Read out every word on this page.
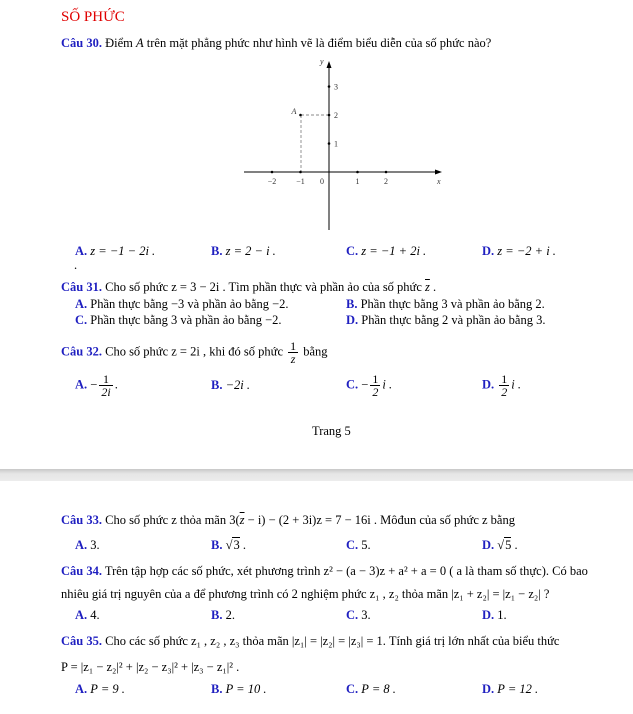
SỐ PHỨC
Câu 30. Điểm A trên mặt phẳng phức như hình vẽ là điểm biểu diễn của số phức nào?
−2 −1 0	1	2
1
2
3
x
y
A
A. z = −1 − 2i .	B. z = 2 − i .	C. z = −1 + 2i .	D. z = −2 + i .
.
Câu 31. Cho số phức z = 3 − 2i . Tìm phần thực và phần ảo của số phức $\overline{z}$ .
A. Phần thực bằng −3 và phần ảo bằng −2.	B. Phần thực bằng 3 và phần ảo bằng 2.
C. Phần thực bằng 3 và phần ảo bằng −2.	D. Phần thực bằng 2 và phần ảo bằng 3.
Câu 32. Cho số phức z = 2i , khi đó số phức $\frac{1}{z}$ bằng
A. − $\frac{1}{2i}$ .	B. −2i .	C. − $\frac{1}{2}$ i .	D. $\frac{1}{2}$ i .
Trang 5
Câu 33. Cho số phức z thỏa mãn $3(\overline{z} - i) - (2 + 3i)z = 7 - 16i$ . Môđun của số phức z bằng
A. 3.	B. √3 .	C. 5.	D. √5 .
Câu 34. Trên tập hợp các số phức, xét phương trình z² − (a − 3)z + a² + a = 0 ( a là tham số thực). Có bao
nhiêu giá trị nguyên của a để phương trình có 2 nghiệm phức z₁ , z₂ thỏa mãn |z₁ + z₂| = |z₁ − z₂| ?
A. 4.	B. 2.	C. 3.	D. 1.
Câu 35. Cho các số phức z₁ , z₂ , z₃ thỏa mãn |z₁| = |z₂| = |z₃| = 1. Tính giá trị lớn nhất của biểu thức
P = |z₁ − z₂|² + |z₂ − z₃|² + |z₃ − z₁|² .
A. P = 9 .	B. P = 10 .	C. P = 8 .	D. P = 12 .
